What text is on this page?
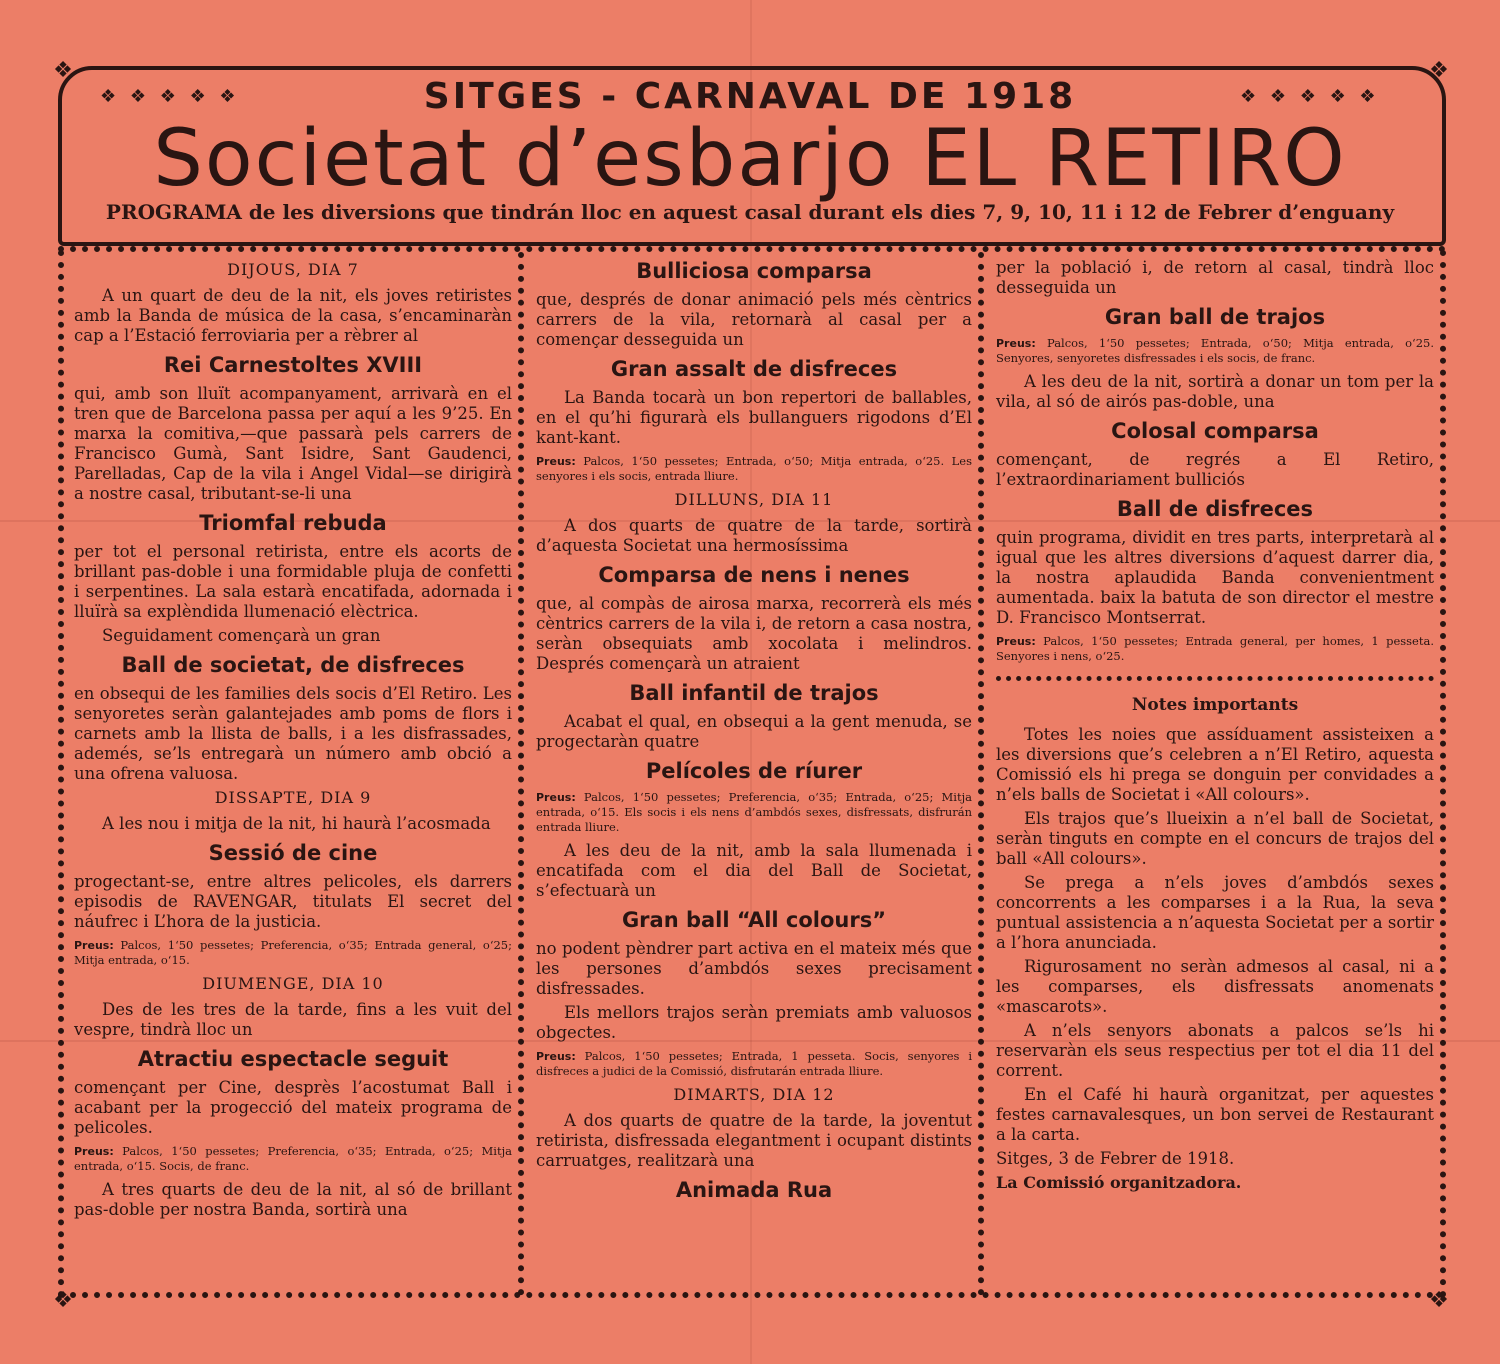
❖	❖
❖	❖
❖ ❖ ❖ ❖ ❖	❖ ❖ ❖ ❖ ❖
SITGES - CARNAVAL DE 1918
Societat d’esbarjo EL RETIRO
PROGRAMA de les diversions que tindrán lloc en aquest casal durant els dies 7, 9, 10, 11 i 12 de Febrer d’enguany
DIJOUS, DIA 7

A un quart de deu de la nit, els joves retiristes amb la Banda de música de la casa, s’encaminaràn cap a l’Estació ferroviaria per a rèbrer al

Rei Carnestoltes XVIII

qui, amb son lluït acompanyament, arrivarà en el tren que de Barcelona passa per aquí a les 9’25. En marxa la comitiva,—que passarà pels carrers de Francisco Gumà, Sant Isidre, Sant Gaudenci, Parelladas, Cap de la vila i Angel Vidal—se dirigirà a nostre casal, tributant-se-li una

Triomfal rebuda

per tot el personal retirista, entre els acorts de brillant pas-doble i una formidable pluja de confetti i serpentines. La sala estarà encatifada, adornada i lluïrà sa explèndida llumenació elèctrica.

Seguidament començarà un gran

Ball de societat, de disfreces

en obsequi de les families dels socis d’El Retiro. Les senyoretes seràn galantejades amb poms de flors i carnets amb la llista de balls, i a les disfrassades, ademés, se’ls entregarà un número amb obció a una ofrena valuosa.

DISSAPTE, DIA 9

A les nou i mitja de la nit, hi haurà l’acosmada

Sessió de cine

progectant-se, entre altres pelicoles, els darrers episodis de RAVENGAR, titulats El secret del náufrec i L’hora de la justicia.

Preus: Palcos, 1‘50 pessetes; Preferencia, o‘35; Entrada general, o‘25; Mitja entrada, o‘15.

DIUMENGE, DIA 10

Des de les tres de la tarde, fins a les vuit del vespre, tindrà lloc un

Atractiu espectacle seguit

començant per Cine, desprès l’acostumat Ball i acabant per la progecció del mateix programa de pelicoles.

Preus: Palcos, 1‘50 pessetes; Preferencia, o‘35; Entrada, o‘25; Mitja entrada, o‘15. Socis, de franc.

A tres quarts de deu de la nit, al só de brillant pas-doble per nostra Banda, sortirà una

Bulliciosa comparsa

que, després de donar animació pels més cèntrics carrers de la vila, retornarà al casal per a començar desseguida un

Gran assalt de disfreces

La Banda tocarà un bon repertori de ballables, en el qu’hi figurarà els bullanguers rigodons d’El kant-kant.

Preus: Palcos, 1‘50 pessetes; Entrada, o‘50; Mitja entrada, o‘25. Les senyores i els socis, entrada lliure.

DILLUNS, DIA 11

A dos quarts de quatre de la tarde, sortirà d’aquesta Societat una hermosíssima

Comparsa de nens i nenes

que, al compàs de airosa marxa, recorrerà els més cèntrics carrers de la vila i, de retorn a casa nostra, seràn obsequiats amb xocolata i melindros. Després començarà un atraient

Ball infantil de trajos

Acabat el qual, en obsequi a la gent menuda, se progectaràn quatre

Pelícoles de ríurer

Preus: Palcos, 1‘50 pessetes; Preferencia, o‘35; Entrada, o‘25; Mitja entrada, o‘15. Els socis i els nens d’ambdós sexes, disfressats, disfrurán entrada lliure.

A les deu de la nit, amb la sala llumenada i encatifada com el dia del Ball de Societat, s’efectuarà un

Gran ball “All colours”

no podent pèndrer part activa en el mateix més que les persones d’ambdós sexes precisament disfressades.

Els mellors trajos seràn premiats amb valuosos obgectes.

Preus: Palcos, 1‘50 pessetes; Entrada, 1 pesseta. Socis, senyores i disfreces a judici de la Comissió, disfrutarán entrada lliure.

DIMARTS, DIA 12

A dos quarts de quatre de la tarde, la joventut retirista, disfressada elegantment i ocupant distints carruatges, realitzarà una

Animada Rua

per la població i, de retorn al casal, tindrà lloc desseguida un

Gran ball de trajos

Preus: Palcos, 1‘50 pessetes; Entrada, o‘50; Mitja entrada, o‘25. Senyores, senyoretes disfressades i els socis, de franc.

A les deu de la nit, sortirà a donar un tom per la vila, al só de airós pas-doble, una

Colosal comparsa

començant, de regrés a El Retiro, l’extraordinariament bulliciós

Ball de disfreces

quin programa, dividit en tres parts, interpretarà al igual que les altres diversions d’aquest darrer dia, la nostra aplaudida Banda convenientment aumentada. baix la batuta de son director el mestre D. Francisco Montserrat.

Preus: Palcos, 1‘50 pessetes; Entrada general, per homes, 1 pesseta. Senyores i nens, o‘25.

Notes importants

Totes les noies que assíduament assisteixen a les diversions que’s celebren a n’El Retiro, aquesta Comissió els hi prega se donguin per convidades a n’els balls de Societat i «All colours».

Els trajos que’s llueixin a n’el ball de Societat, seràn tinguts en compte en el concurs de trajos del ball «All colours».

Se prega a n’els joves d’ambdós sexes concorrents a les comparses i a la Rua, la seva puntual assistencia a n’aquesta Societat per a sortir a l’hora anunciada.

Rigurosament no seràn admesos al casal, ni a les comparses, els disfressats anomenats «mascarots».

A n’els senyors abonats a palcos se’ls hi reservaràn els seus respectius per tot el dia 11 del corrent.

En el Café hi haurà organitzat, per aquestes festes carnavalesques, un bon servei de Restaurant a la carta.

Sitges, 3 de Febrer de 1918.

La Comissió organitzadora.
